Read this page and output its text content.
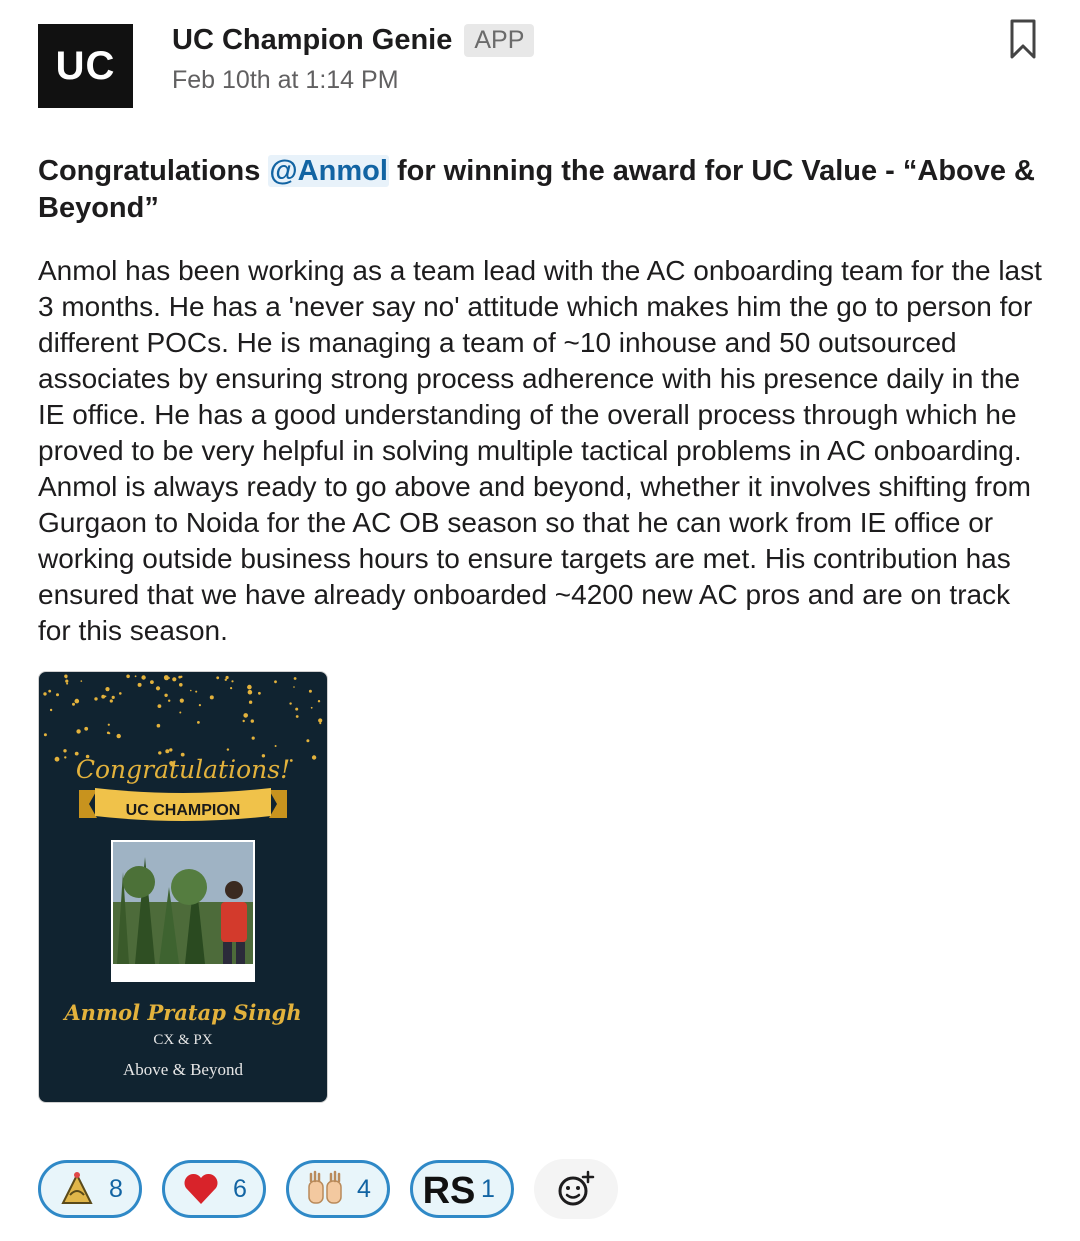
UC
UC Champion Genie APP
Feb 10th at 1:14 PM
Congratulations @Anmol for winning the award for UC Value - “Above & Beyond”
Anmol has been working as a team lead with the AC onboarding team for the last 3 months. He has a 'never say no' attitude which makes him the go to person for different POCs. He is managing a team of ~10 inhouse and 50 outsourced associates by ensuring strong process adherence with his presence daily in the IE office. He has a good understanding of the overall process through which he proved to be very helpful in solving multiple tactical problems in AC onboarding. Anmol is always ready to go above and beyond, whether it involves shifting from Gurgaon to Noida for the AC OB season so that he can work from IE office or working outside business hours to ensure targets are met. His contribution has ensured that we have already onboarded ~4200 new AC pros and are on track for this season.
Congratulations!
UC CHAMPION
Anmol Pratap Singh
CX & PX
Above & Beyond
8	6	4 RS 1
